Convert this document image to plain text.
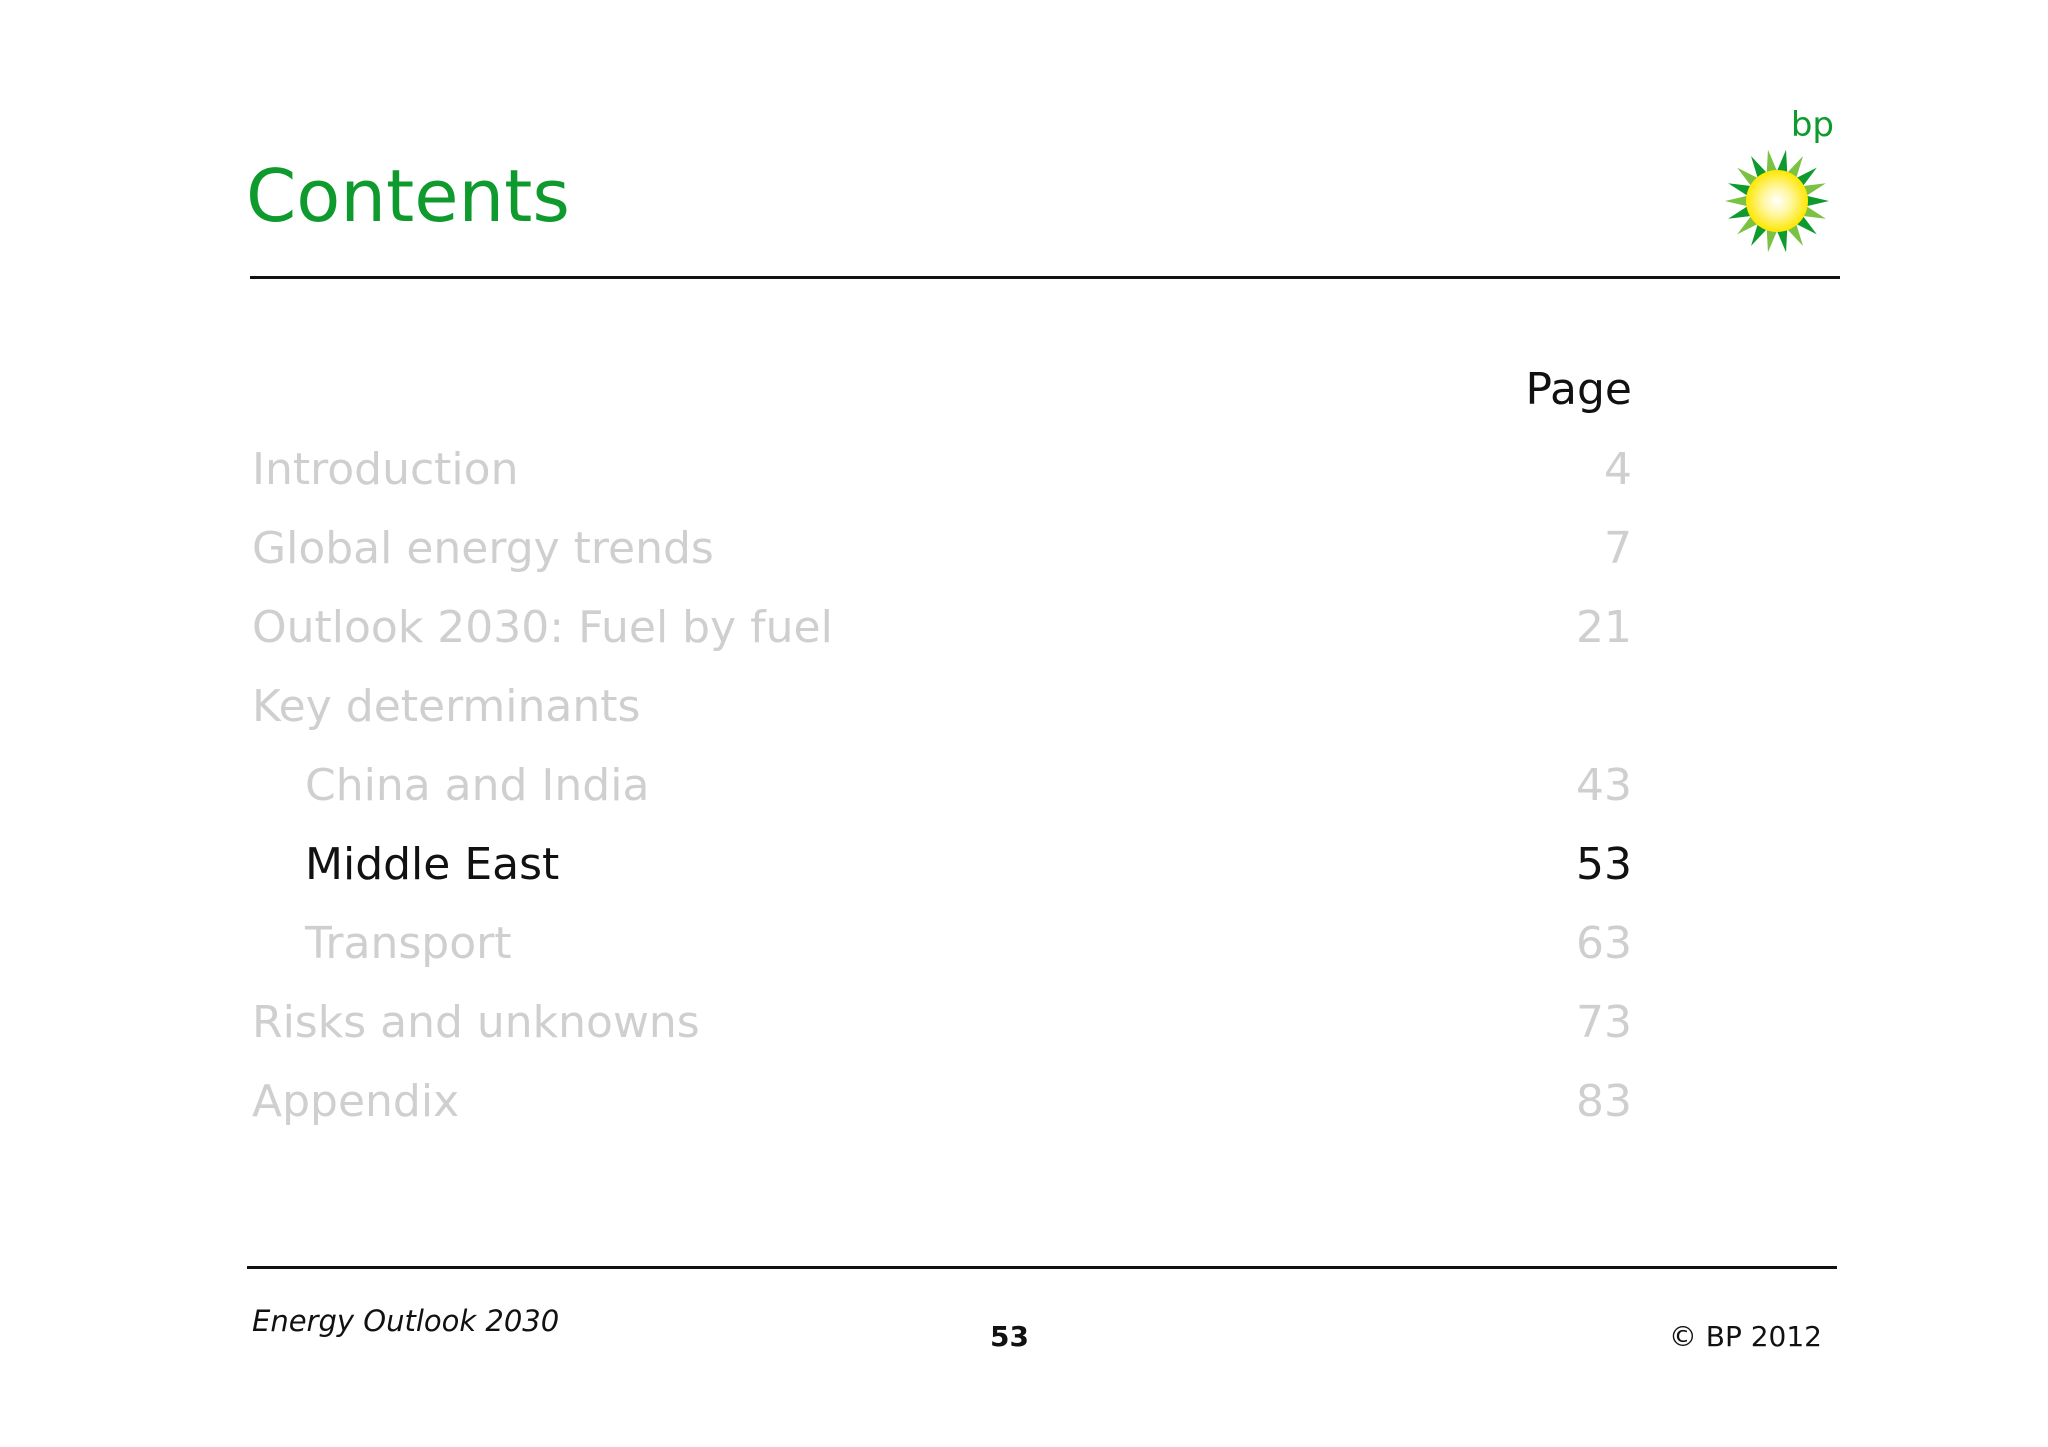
Contents
bp
Page
Introduction	4
Global energy trends	7
Outlook 2030: Fuel by fuel	21
Key determinants
China and India	43
Middle East	53
Transport	63
Risks and unknowns	73
Appendix	83
Energy Outlook 2030	53	© BP 2012
